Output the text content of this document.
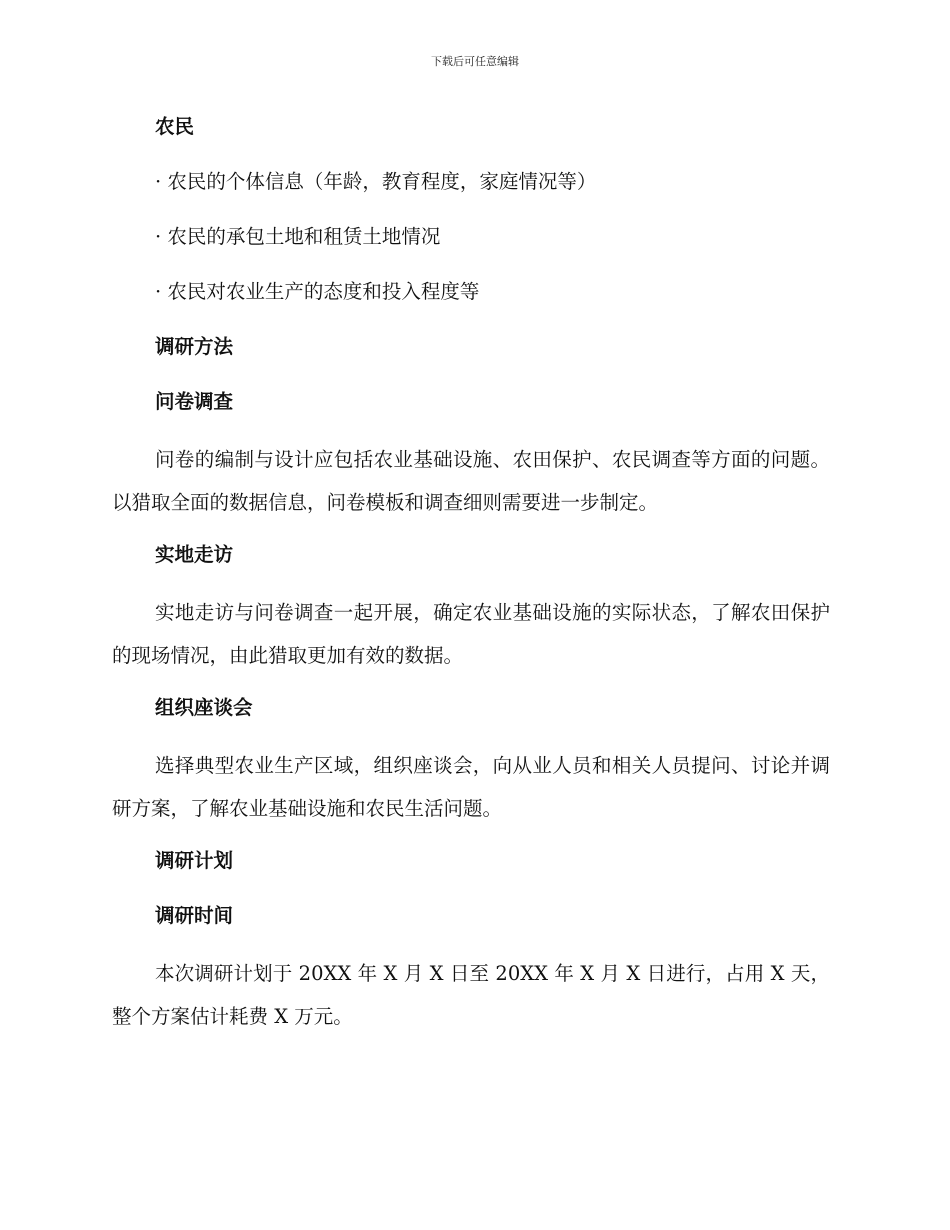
下载后可任意编辑
农民
· 农民的个体信息（年龄，教育程度，家庭情况等）
· 农民的承包土地和租赁土地情况
· 农民对农业生产的态度和投入程度等
调研方法
问卷调查

问卷的编制与设计应包括农业基础设施、农田保护、农民调查等方面的问题。以猎取全面的数据信息，问卷模板和调查细则需要进一步制定。

实地走访

实地走访与问卷调查一起开展，确定农业基础设施的实际状态，了解农田保护的现场情况，由此猎取更加有效的数据。

组织座谈会

选择典型农业生产区域，组织座谈会，向从业人员和相关人员提问、讨论并调研方案，了解农业基础设施和农民生活问题。

调研计划
调研时间

本次调研计划于 20XX 年 X 月 X 日至 20XX 年 X 月 X 日进行，占用 X 天，整个方案估计耗费 X 万元。
